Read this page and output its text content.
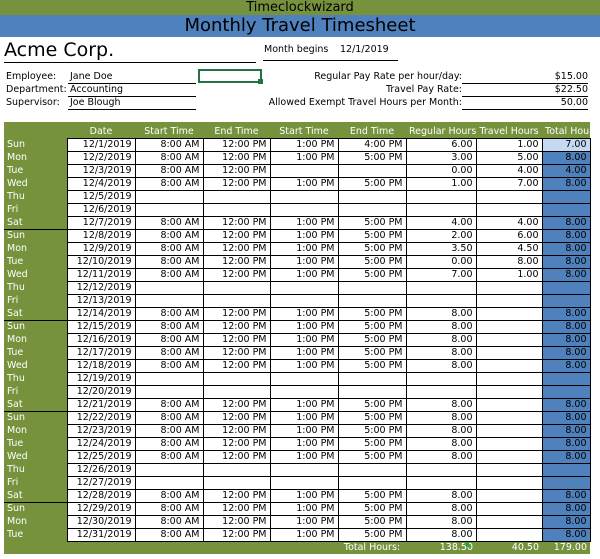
Timeclockwizard
Monthly Travel Timesheet
Acme Corp.	Month begins 12/1/2019
Employee: Jane Doe
Department: Accounting
Supervisor: Joe Blough
Regular Pay Rate per hour/day:	$15.00
Travel Pay Rate:	$22.50
Allowed Exempt Travel Hours per Month:	50.00
	Date	Start Time	End Time	Start Time	End Time	Regular Hours	Travel Hours	Total Hours
Sun	12/1/2019	8:00 AM	12:00 PM	1:00 PM	4:00 PM	6.00	1.00	7.00
Mon	12/2/2019	8:00 AM	12:00 PM	1:00 PM	5:00 PM	3.00	5.00	8.00
Tue	12/3/2019	8:00 AM	12:00 PM			0.00	4.00	4.00
Wed	12/4/2019	8:00 AM	12:00 PM	1:00 PM	5:00 PM	1.00	7.00	8.00
Thu	12/5/2019							
Fri	12/6/2019							
Sat	12/7/2019	8:00 AM	12:00 PM	1:00 PM	5:00 PM	4.00	4.00	8.00
Sun	12/8/2019	8:00 AM	12:00 PM	1:00 PM	5:00 PM	2.00	6.00	8.00
Mon	12/9/2019	8:00 AM	12:00 PM	1:00 PM	5:00 PM	3.50	4.50	8.00
Tue	12/10/2019	8:00 AM	12:00 PM	1:00 PM	5:00 PM	0.00	8.00	8.00
Wed	12/11/2019	8:00 AM	12:00 PM	1:00 PM	5:00 PM	7.00	1.00	8.00
Thu	12/12/2019							
Fri	12/13/2019							
Sat	12/14/2019	8:00 AM	12:00 PM	1:00 PM	5:00 PM	8.00		8.00
Sun	12/15/2019	8:00 AM	12:00 PM	1:00 PM	5:00 PM	8.00		8.00
Mon	12/16/2019	8:00 AM	12:00 PM	1:00 PM	5:00 PM	8.00		8.00
Tue	12/17/2019	8:00 AM	12:00 PM	1:00 PM	5:00 PM	8.00		8.00
Wed	12/18/2019	8:00 AM	12:00 PM	1:00 PM	5:00 PM	8.00		8.00
Thu	12/19/2019							
Fri	12/20/2019							
Sat	12/21/2019	8:00 AM	12:00 PM	1:00 PM	5:00 PM	8.00		8.00
Sun	12/22/2019	8:00 AM	12:00 PM	1:00 PM	5:00 PM	8.00		8.00
Mon	12/23/2019	8:00 AM	12:00 PM	1:00 PM	5:00 PM	8.00		8.00
Tue	12/24/2019	8:00 AM	12:00 PM	1:00 PM	5:00 PM	8.00		8.00
Wed	12/25/2019	8:00 AM	12:00 PM	1:00 PM	5:00 PM	8.00		8.00
Thu	12/26/2019							
Fri	12/27/2019							
Sat	12/28/2019	8:00 AM	12:00 PM	1:00 PM	5:00 PM	8.00		8.00
Sun	12/29/2019	8:00 AM	12:00 PM	1:00 PM	5:00 PM	8.00		8.00
Mon	12/30/2019	8:00 AM	12:00 PM	1:00 PM	5:00 PM	8.00		8.00
Tue	12/31/2019	8:00 AM	12:00 PM	1:00 PM	5:00 PM	8.00		8.00
					Total Hours:	138.50	40.50	179.00
